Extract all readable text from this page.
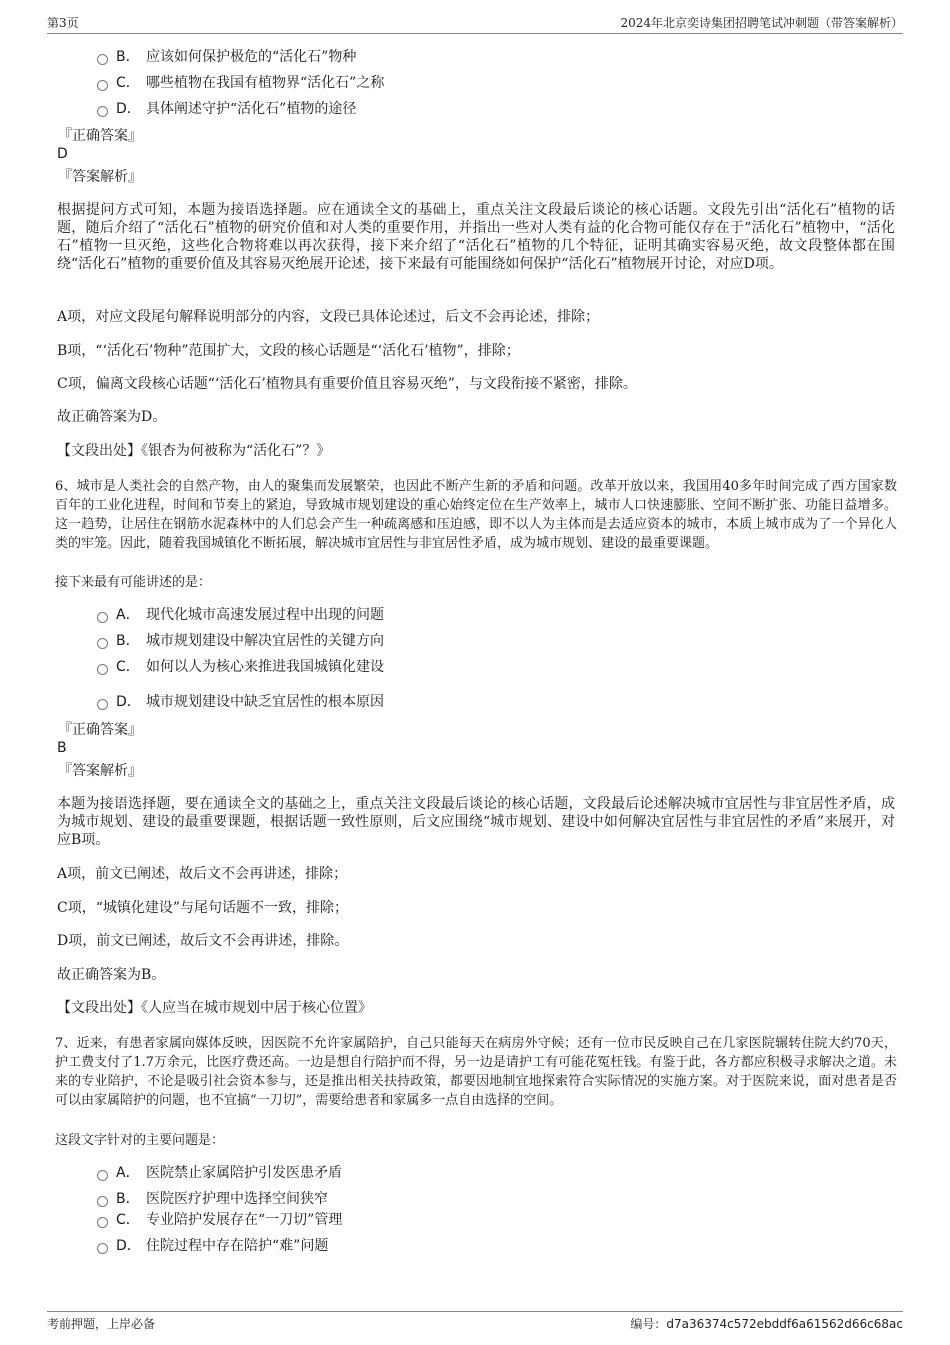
第3页	2024年北京奕诗集团招聘笔试冲刺题（带答案解析）
B． 应该如何保护极危的“活化石”物种
C． 哪些植物在我国有植物界“活化石”之称
D． 具体阐述守护“活化石”植物的途径
『正确答案』
D
『答案解析』
根据提问方式可知，本题为接语选择题。应在通读全文的基础上，重点关注文段最后谈论的核心话题。文段先引出“活化石”植物的话题，随后介绍了“活化石”植物的研究价值和对人类的重要作用，并指出一些对人类有益的化合物可能仅存在于“活化石”植物中，“活化石”植物一旦灭绝，这些化合物将难以再次获得，接下来介绍了“活化石”植物的几个特征，证明其确实容易灭绝，故文段整体都在围绕“活化石”植物的重要价值及其容易灭绝展开论述，接下来最有可能围绕如何保护“活化石”植物展开讨论，对应D项。
A项，对应文段尾句解释说明部分的内容，文段已具体论述过，后文不会再论述，排除；
B项，“‘活化石’物种”范围扩大，文段的核心话题是“‘活化石’植物”，排除；
C项，偏离文段核心话题“‘活化石’植物具有重要价值且容易灭绝”，与文段衔接不紧密，排除。
故正确答案为D。
【文段出处】《银杏为何被称为“活化石”？》
6、城市是人类社会的自然产物，由人的聚集而发展繁荣，也因此不断产生新的矛盾和问题。改革开放以来，我国用40多年时间完成了西方国家数百年的工业化进程，时间和节奏上的紧迫，导致城市规划建设的重心始终定位在生产效率上，城市人口快速膨胀、空间不断扩张、功能日益增多。这一趋势，让居住在钢筋水泥森林中的人们总会产生一种疏离感和压迫感，即不以人为主体而是去适应资本的城市，本质上城市成为了一个异化人类的牢笼。因此，随着我国城镇化不断拓展，解决城市宜居性与非宜居性矛盾，成为城市规划、建设的最重要课题。
接下来最有可能讲述的是：
A． 现代化城市高速发展过程中出现的问题
B． 城市规划建设中解决宜居性的关键方向
C． 如何以人为核心来推进我国城镇化建设
D． 城市规划建设中缺乏宜居性的根本原因
『正确答案』
B
『答案解析』
本题为接语选择题，要在通读全文的基础之上，重点关注文段最后谈论的核心话题，文段最后论述解决城市宜居性与非宜居性矛盾，成为城市规划、建设的最重要课题，根据话题一致性原则，后文应围绕“城市规划、建设中如何解决宜居性与非宜居性的矛盾”来展开，对应B项。
A项，前文已阐述，故后文不会再讲述，排除；
C项，“城镇化建设”与尾句话题不一致，排除；
D项，前文已阐述，故后文不会再讲述，排除。
故正确答案为B。
【文段出处】《人应当在城市规划中居于核心位置》
7、近来，有患者家属向媒体反映，因医院不允许家属陪护，自己只能每天在病房外守候；还有一位市民反映自己在几家医院辗转住院大约70天，护工费支付了1.7万余元，比医疗费还高。一边是想自行陪护而不得，另一边是请护工有可能花冤枉钱。有鉴于此，各方都应积极寻求解决之道。未来的专业陪护，不论是吸引社会资本参与，还是推出相关扶持政策，都要因地制宜地探索符合实际情况的实施方案。对于医院来说，面对患者是否可以由家属陪护的问题，也不宜搞“一刀切”，需要给患者和家属多一点自由选择的空间。
这段文字针对的主要问题是：
A． 医院禁止家属陪护引发医患矛盾
B． 医院医疗护理中选择空间狭窄
C． 专业陪护发展存在“一刀切”管理
D． 住院过程中存在陪护“难”问题
考前押题，上岸必备	编号：d7a36374c572ebddf6a61562d66c68ac
